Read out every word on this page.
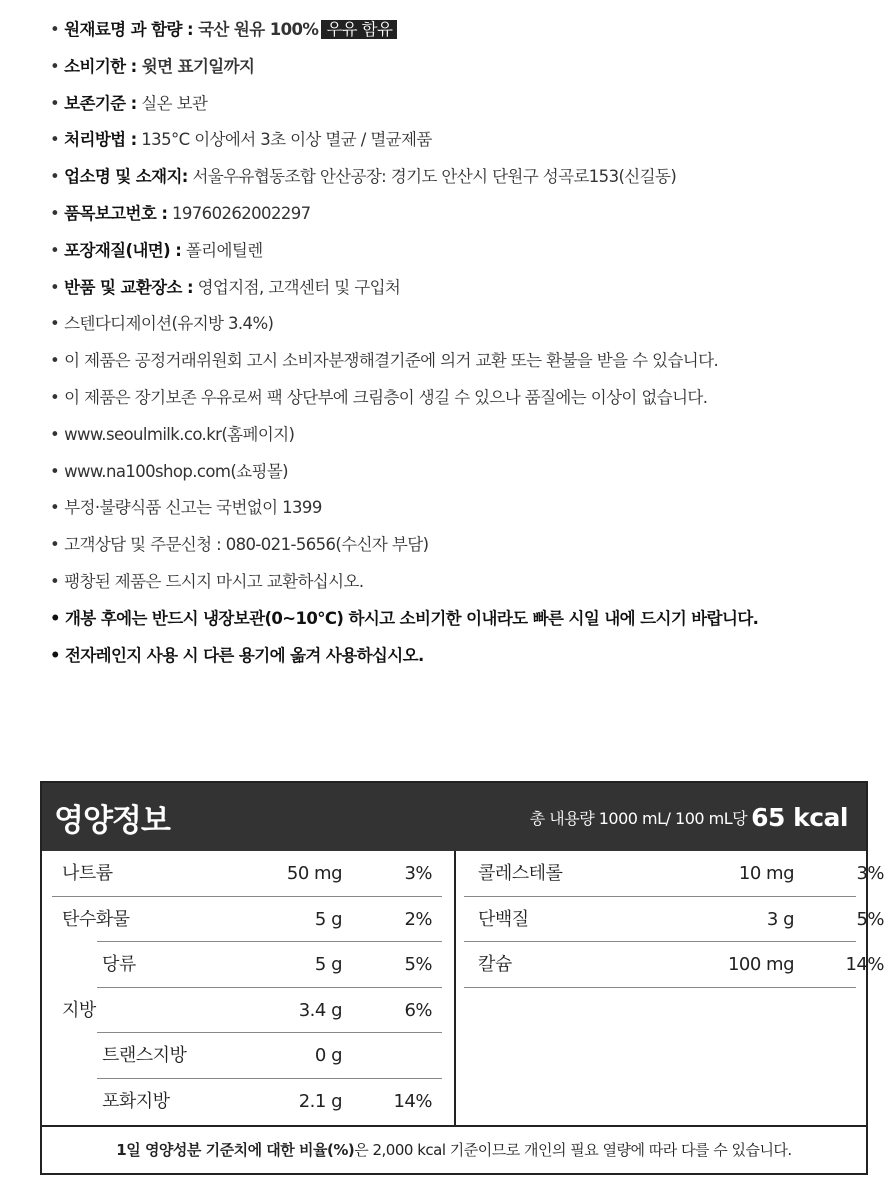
• 원재료명 과 함량 : 국산 원유 100% 우유 함유
• 소비기한 : 윗면 표기일까지
• 보존기준 : 실온 보관
• 처리방법 : 135°C 이상에서 3초 이상 멸균 / 멸균제품
• 업소명 및 소재지: 서울우유협동조합 안산공장: 경기도 안산시 단원구 성곡로153(신길동)
• 품목보고번호 : 19760262002297
• 포장재질(내면) : 폴리에틸렌
• 반품 및 교환장소 : 영업지점, 고객센터 및 구입처
• 스텐다디제이션(유지방 3.4%)
• 이 제품은 공정거래위원회 고시 소비자분쟁해결기준에 의거 교환 또는 환불을 받을 수 있습니다.
• 이 제품은 장기보존 우유로써 팩 상단부에 크림층이 생길 수 있으나 품질에는 이상이 없습니다.
• www.seoulmilk.co.kr(홈페이지)
• www.na100shop.com(쇼핑몰)
• 부정·불량식품 신고는 국번없이 1399
• 고객상담 및 주문신청 : 080-021-5656(수신자 부담)
• 팽창된 제품은 드시지 마시고 교환하십시오.
• 개봉 후에는 반드시 냉장보관(0~10°C) 하시고 소비기한 이내라도 빠른 시일 내에 드시기 바랍니다.
• 전자레인지 사용 시 다른 용기에 옮겨 사용하십시오.
영양정보	총 내용량 1000 mL/ 100 mL당 65 kcal
나트륨	50 mg	3%
탄수화물	5 g	2%
당류	5 g	5%
지방	3.4 g	6%
트랜스지방	0 g
포화지방	2.1 g	14%
콜레스테롤	10 mg	3%
단백질	3 g	5%
칼슘	100 mg	14%
1일 영양성분 기준치에 대한 비율(%)은 2,000 kcal 기준이므로 개인의 필요 열량에 따라 다를 수 있습니다.
